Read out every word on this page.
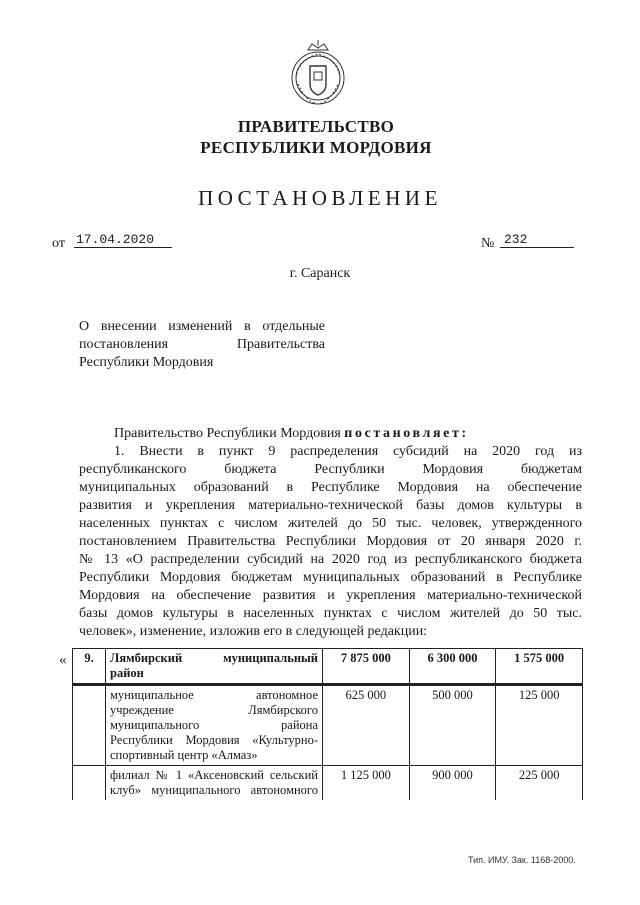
ПРАВИТЕЛЬСТВО
РЕСПУБЛИКИ МОРДОВИЯ
ПОСТАНОВЛЕНИЕ
от 17.04.2020	№ 232
г. Саранск
О внесении изменений в отдельные
постановления Правительства
Республики Мордовия
Правительство Республики Мордовия постановляет:
1. Внести в пункт 9 распределения субсидий на 2020 год из
республиканского бюджета Республики Мордовия бюджетам
муниципальных образований в Республике Мордовия на обеспечение
развития и укрепления материально-технической базы домов культуры в
населенных пунктах с числом жителей до 50 тыс. человек, утвержденного
постановлением Правительства Республики Мордовия от 20 января 2020 г.
№ 13 «О распределении субсидий на 2020 год из республиканского бюджета
Республики Мордовия бюджетам муниципальных образований в Республике
Мордовия на обеспечение развития и укрепления материально-технической
базы домов культуры в населенных пунктах с числом жителей до 50 тыс.
человек», изменение, изложив его в следующей редакции:
« 9.	Лямбирский муниципальный
район	7 875 000	6 300 000	1 575 000

	муниципальное автономное
учреждение Лямбирского
муниципального района
Республики Мордовия «Культурно-
спортивный центр «Алмаз»	625 000	500 000	125 000

	филиал № 1 «Аксеновский сельский
клуб» муниципального автономного	1 125 000	900 000	225 000
Тип. ИМУ. Зак. 1168-2000.
